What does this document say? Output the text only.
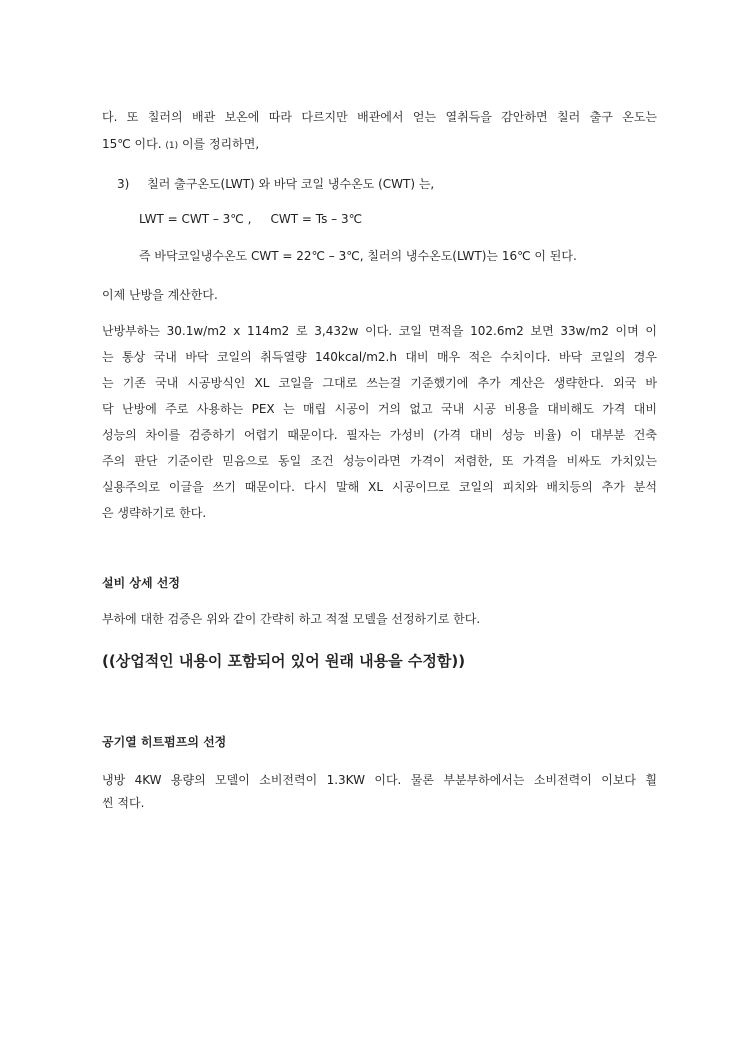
다. 또 칠러의 배관 보온에 따라 다르지만 배관에서 얻는 열취득을 감안하면 칠러 출구 온도는
15℃ 이다. (1) 이를 정리하면,
3) 칠러 출구온도(LWT) 와 바닥 코일 냉수온도 (CWT) 는,
LWT = CWT – 3℃ ,     CWT = Ts – 3℃
즉 바닥코일냉수온도 CWT = 22℃ – 3℃, 칠러의 냉수온도(LWT)는 16℃ 이 된다.
이제 난방을 계산한다.
난방부하는 30.1w/m2 x 114m2 로 3,432w 이다. 코일 면적을 102.6m2 보면 33w/m2 이며 이
는 통상 국내 바닥 코일의 취득열량 140kcal/m2.h 대비 매우 적은 수치이다. 바닥 코일의 경우
는 기존 국내 시공방식인 XL 코일을 그대로 쓰는걸 기준했기에 추가 계산은 생략한다. 외국 바
닥 난방에 주로 사용하는 PEX 는 매립 시공이 거의 없고 국내 시공 비용을 대비해도 가격 대비
성능의 차이를 검증하기 어렵기 때문이다. 필자는 가성비 (가격 대비 성능 비율) 이 대부분 건축
주의 판단 기준이란 믿음으로 동일 조건 성능이라면 가격이 저렴한, 또 가격을 비싸도 가치있는
실용주의로 이글을 쓰기 때문이다. 다시 말해 XL 시공이므로 코일의 피치와 배치등의 추가 분석
은 생략하기로 한다.
설비 상세 선정
부하에 대한 검증은 위와 같이 간략히 하고 적절 모델을 선정하기로 한다.
((상업적인 내용이 포함되어 있어 원래 내용을 수정함))
공기열 히트펌프의 선정
냉방 4KW 용량의 모델이 소비전력이 1.3KW 이다. 물론 부분부하에서는 소비전력이 이보다 훨
씬 적다.
